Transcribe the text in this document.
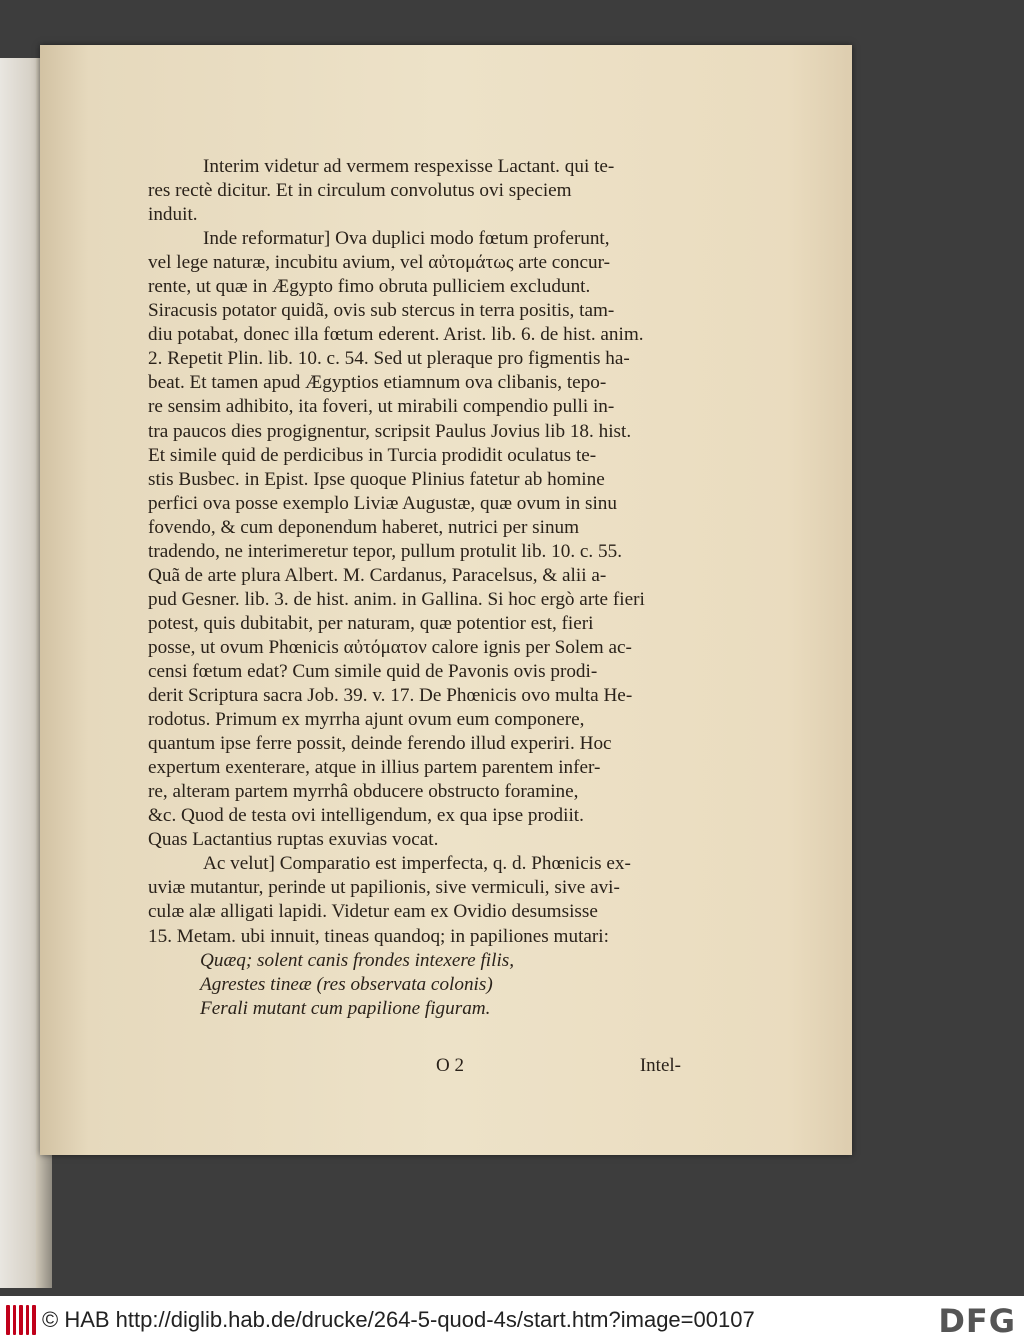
Interim videtur ad vermem respexisse Lactant. qui te-
res rectè dicitur. Et in circulum convolutus ovi speciem
induit.
Inde reformatur] Ova duplici modo fœtum proferunt,
vel lege naturæ, incubitu avium, vel αὐτομάτως arte concur-
rente, ut quæ in Ægypto fimo obruta pulliciem excludunt.
Siracusis potator quidã, ovis sub stercus in terra positis, tam-
diu potabat, donec illa fœtum ederent. Arist. lib. 6. de hist. anim.
2. Repetit Plin. lib. 10. c. 54. Sed ut pleraque pro figmentis ha-
beat. Et tamen apud Ægyptios etiamnum ova clibanis, tepo-
re sensim adhibito, ita foveri, ut mirabili compendio pulli in-
tra paucos dies progignentur, scripsit Paulus Jovius lib 18. hist.
Et simile quid de perdicibus in Turcia prodidit oculatus te-
stis Busbec. in Epist. Ipse quoque Plinius fatetur ab homine
perfici ova posse exemplo Liviæ Augustæ, quæ ovum in sinu
fovendo, & cum deponendum haberet, nutrici per sinum
tradendo, ne interimeretur tepor, pullum protulit lib. 10. c. 55.
Quã de arte plura Albert. M. Cardanus, Paracelsus, & alii a-
pud Gesner. lib. 3. de hist. anim. in Gallina. Si hoc ergò arte fieri
potest, quis dubitabit, per naturam, quæ potentior est, fieri
posse, ut ovum Phœnicis αὐτόματον calore ignis per Solem ac-
censi fœtum edat? Cum simile quid de Pavonis ovis prodi-
derit Scriptura sacra Job. 39. v. 17. De Phœnicis ovo multa He-
rodotus. Primum ex myrrha ajunt ovum eum componere,
quantum ipse ferre possit, deinde ferendo illud experiri. Hoc
expertum exenterare, atque in illius partem parentem infer-
re, alteram partem myrrhâ obducere obstructo foramine,
&c. Quod de testa ovi intelligendum, ex qua ipse prodiit.
Quas Lactantius ruptas exuvias vocat.
Ac velut] Comparatio est imperfecta, q. d. Phœnicis ex-
uviæ mutantur, perinde ut papilionis, sive vermiculi, sive avi-
culæ alæ alligati lapidi. Videtur eam ex Ovidio desumsisse
15. Metam. ubi innuit, tineas quandoq; in papiliones mutari:
Quæq; solent canis frondes intexere filis,
Agrestes tineæ (res observata colonis)
Ferali mutant cum papilione figuram.
O 2	Intel-
© HAB http://diglib.hab.de/drucke/264-5-quod-4s/start.htm?image=00107	DFG
